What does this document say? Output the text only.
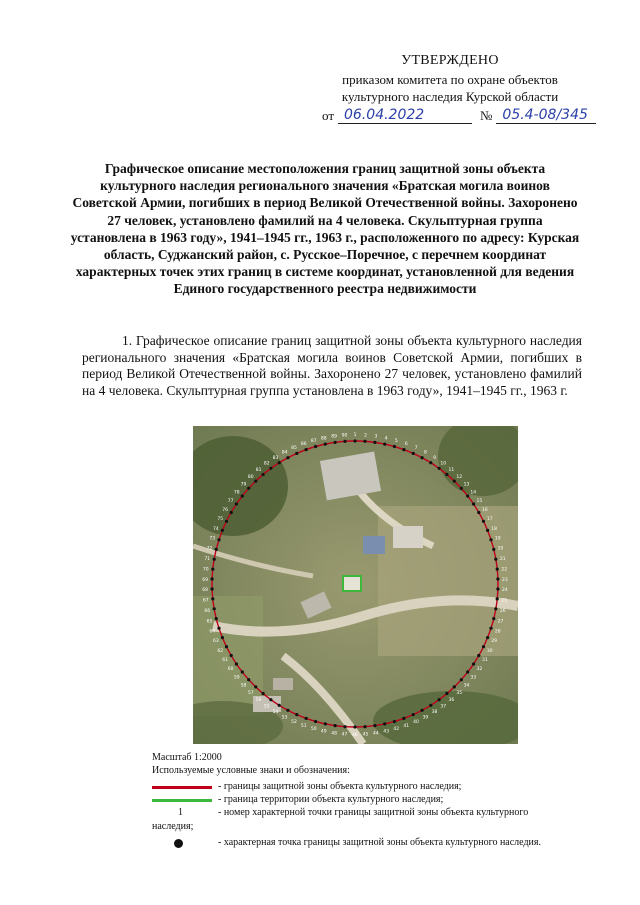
УТВЕРЖДЕНО
приказом комитета по охране объектов
культурного наследия Курской области
от 06.04.2022	№ 05.4-08/345
Графическое описание местоположения границ защитной зоны объекта культурного наследия регионального значения «Братская могила воинов Советской Армии, погибших в период Великой Отечественной войны. Захоронено 27 человек, установлено фамилий на 4 человека. Скульптурная группа установлена в 1963 году», 1941–1945 гг., 1963 г., расположенного по адресу: Курская область, Суджанский район, с. Русское–Поречное, с перечнем координат характерных точек этих границ в системе координат, установленной для ведения Единого государственного реестра недвижимости
1. Графическое описание границ защитной зоны объекта культурного наследия регионального значения «Братская могила воинов Советской Армии, погибших в период Великой Отечественной войны. Захоронено 27 человек, установлено фамилий на 4 человека. Скульптурная группа установлена в 1963 году», 1941–1945 гг., 1963 г.
1 2 3 4 5
6
7
8
9
10
11
12
13
14
15
16
17
18
19
20
21
22
23
24
25
26
27
28
29
30
31
32
33
34
35
36
37
38
39
40
41
42
43
44
45
46
47
48
49
50
51
52
53
54
55
56
57
58
59
60
61
62
63
64
65
66
67
68
69
70
71
72
73
74
75
76
77
78
79
80
81
82
83
84
85
86
87 88 89 90
Масштаб 1:2000
Используемые условные знаки и обозначения:
- границы защитной зоны объекта культурного наследия;
- граница территории объекта культурного наследия;
1	- номер характерной точки границы защитной зоны объекта культурного
наследия;
- характерная точка границы защитной зоны объекта культурного наследия.
